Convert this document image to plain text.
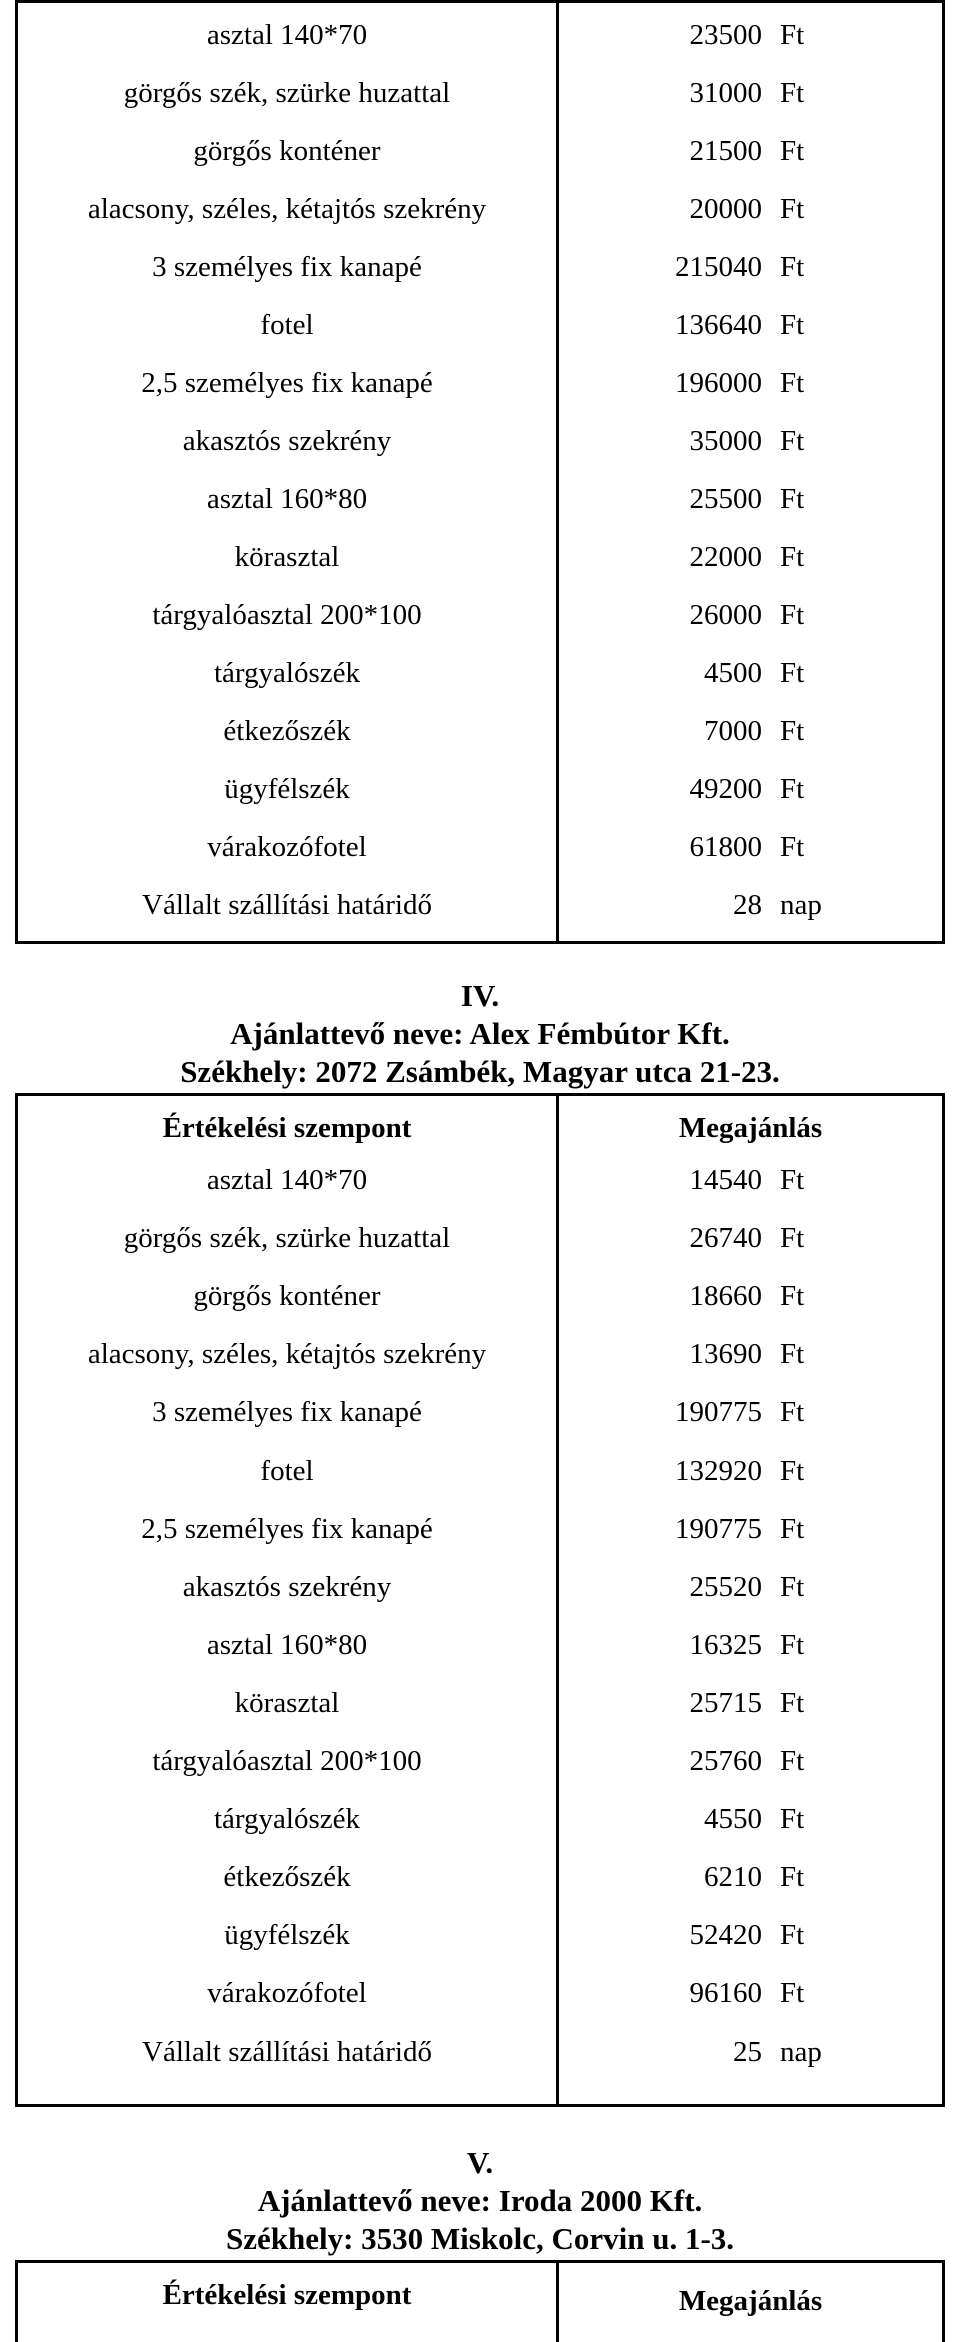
asztal 140*70	23500 Ft
görgős szék, szürke huzattal	31000 Ft
görgős konténer	21500 Ft
alacsony, széles, kétajtós szekrény	20000 Ft
3 személyes fix kanapé	215040 Ft
fotel	136640 Ft
2,5 személyes fix kanapé	196000 Ft
akasztós szekrény	35000 Ft
asztal 160*80	25500 Ft
körasztal	22000 Ft
tárgyalóasztal 200*100	26000 Ft
tárgyalószék	4500 Ft
étkezőszék	7000 Ft
ügyfélszék	49200 Ft
várakozófotel	61800 Ft
Vállalt szállítási határidő	28 nap
IV.
Ajánlattevő neve: Alex Fémbútor Kft.
Székhely: 2072 Zsámbék, Magyar utca 21-23.
Értékelési szempont	Megajánlás
asztal 140*70	14540 Ft
görgős szék, szürke huzattal	26740 Ft
görgős konténer	18660 Ft
alacsony, széles, kétajtós szekrény	13690 Ft
3 személyes fix kanapé	190775 Ft
fotel	132920 Ft
2,5 személyes fix kanapé	190775 Ft
akasztós szekrény	25520 Ft
asztal 160*80	16325 Ft
körasztal	25715 Ft
tárgyalóasztal 200*100	25760 Ft
tárgyalószék	4550 Ft
étkezőszék	6210 Ft
ügyfélszék	52420 Ft
várakozófotel	96160 Ft
Vállalt szállítási határidő	25 nap
V.
Ajánlattevő neve: Iroda 2000 Kft.
Székhely: 3530 Miskolc, Corvin u. 1-3.
Értékelési szempont	Megajánlás
